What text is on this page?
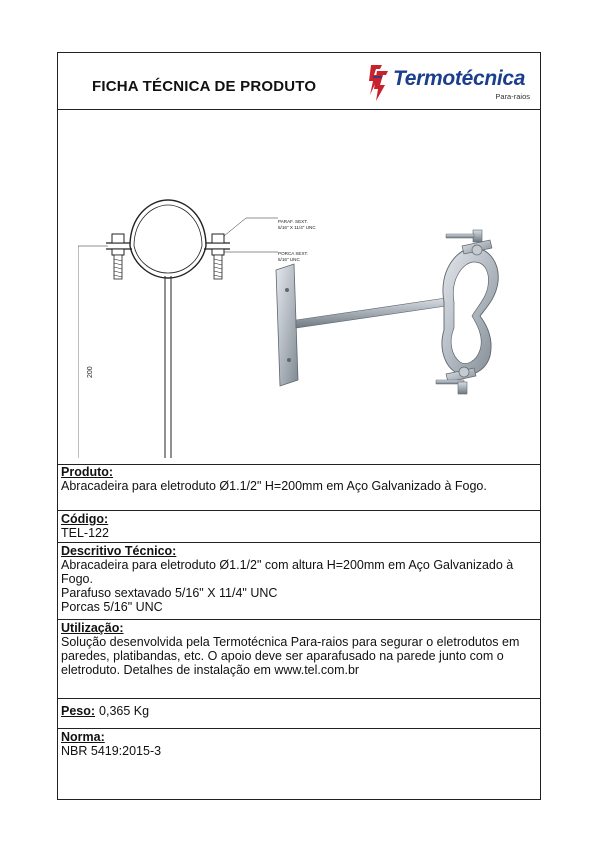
FICHA TÉCNICA DE PRODUTO	Termotécnica
Para-raios
200
PARAF. SEXT.
5/16" X 11/4" UNC
PORCA SEXT.
5/16" UNC
Produto:
Abracadeira para eletroduto Ø1.1/2" H=200mm em Aço Galvanizado à Fogo.
Código:
TEL-122
Descritivo Técnico:
Abracadeira para eletroduto Ø1.1/2" com altura H=200mm em Aço Galvanizado à Fogo.
Parafuso sextavado 5/16" X 11/4" UNC
Porcas 5/16" UNC
Utilização:
Solução desenvolvida pela Termotécnica Para-raios para segurar o eletrodutos em
paredes, platibandas, etc. O apoio deve ser aparafusado na parede junto com o
eletroduto. Detalhes de instalação em www.tel.com.br
Peso: 0,365 Kg
Norma:
NBR 5419:2015-3
